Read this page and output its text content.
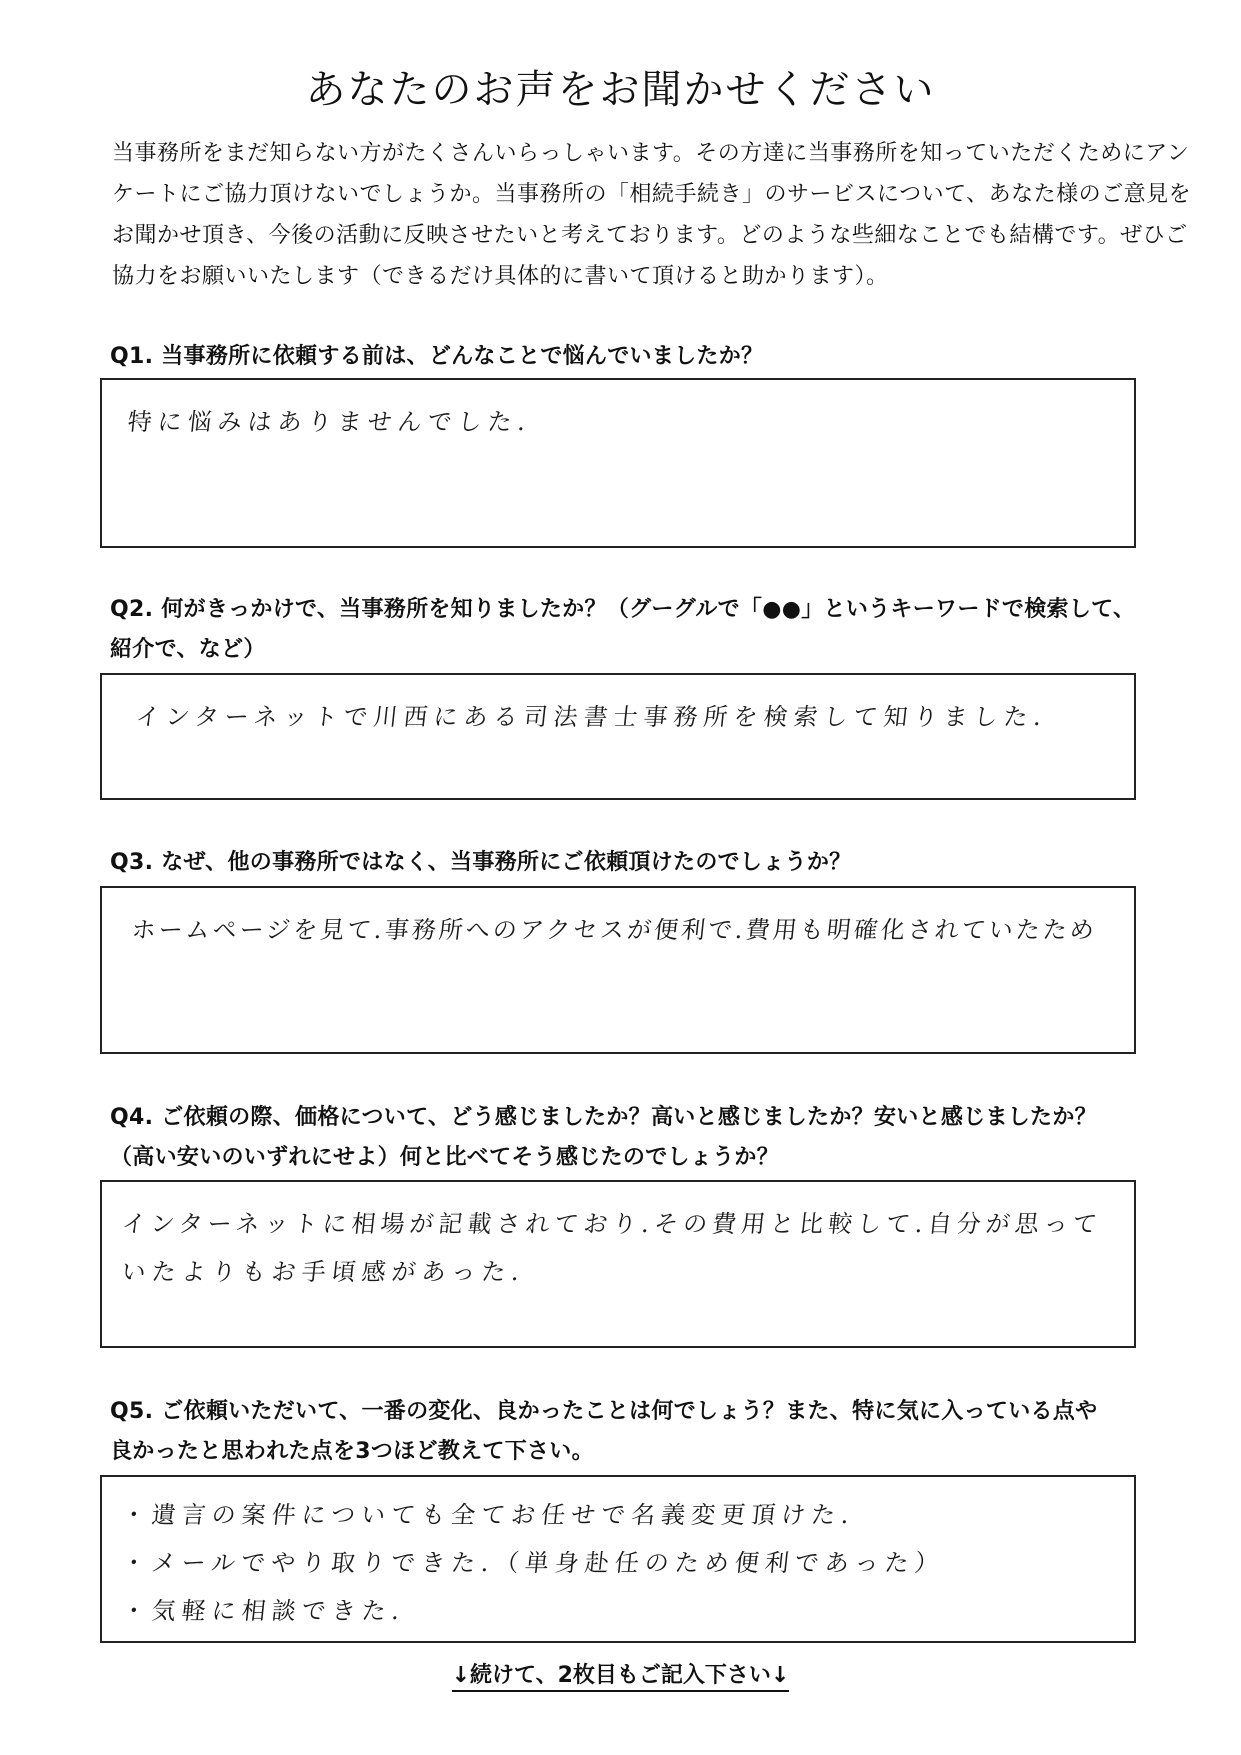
あなたのお声をお聞かせください
当事務所をまだ知らない方がたくさんいらっしゃいます。その方達に当事務所を知っていただくためにアン
ケートにご協力頂けないでしょうか。当事務所の「相続手続き」のサービスについて、あなた様のご意見を
お聞かせ頂き、今後の活動に反映させたいと考えております。どのような些細なことでも結構です。ぜひご
協力をお願いいたします（できるだけ具体的に書いて頂けると助かります）。
Q1. 当事務所に依頼する前は、どんなことで悩んでいましたか？
特に悩みはありませんでした.
Q2. 何がきっかけで、当事務所を知りましたか？（グーグルで「●●」というキーワードで検索して、
紹介で、など）
インターネットで川西にある司法書士事務所を検索して知りました.
Q3. なぜ、他の事務所ではなく、当事務所にご依頼頂けたのでしょうか？
ホームページを見て.事務所へのアクセスが便利で.費用も明確化されていたため
Q4. ご依頼の際、価格について、どう感じましたか？高いと感じましたか？安いと感じましたか？
（高い安いのいずれにせよ）何と比べてそう感じたのでしょうか？
インターネットに相場が記載されており.その費用と比較して.自分が思って
いたよりもお手頃感があった.
Q5. ご依頼いただいて、一番の変化、良かったことは何でしょう？また、特に気に入っている点や
良かったと思われた点を3つほど教えて下さい。
・遺言の案件についても全てお任せで名義変更頂けた.
・メールでやり取りできた.（単身赴任のため便利であった）
・気軽に相談できた.
↓続けて、2枚目もご記入下さい↓
